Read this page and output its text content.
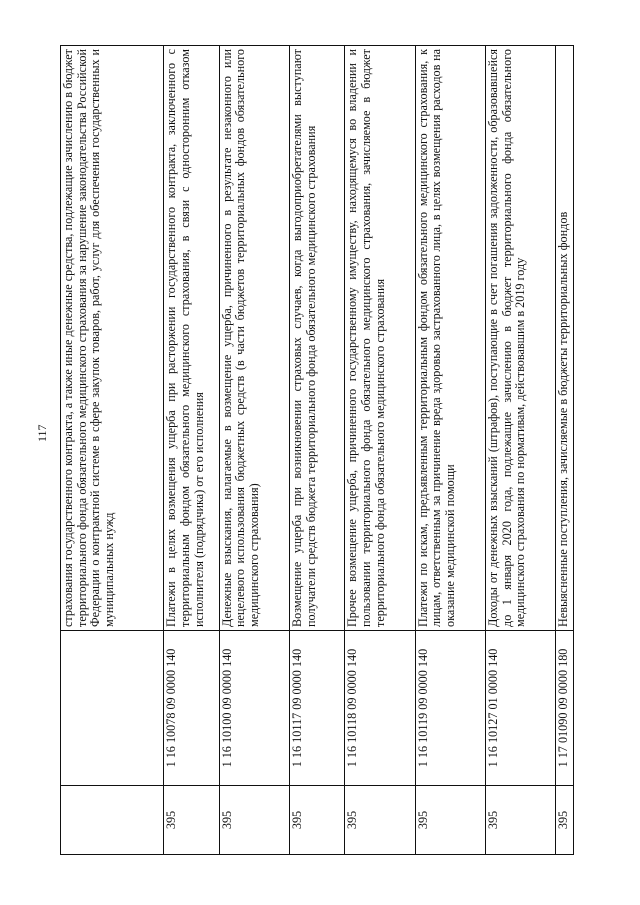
117
		страхования государственного контракта, а также иные денежные средства, подлежащие зачислению в бюджет территориального фонда обязательного медицинского страхования за нарушение законодательства Российской Федерации о контрактной системе в сфере закупок товаров, работ, услуг для обеспечения государственных и муниципальных нужд
395	1 16 10078 09 0000 140	Платежи в целях возмещения ущерба при расторжении государственного контракта, заключенного с территориальным фондом обязательного медицинского страхования, в связи с односторонним отказом исполнителя (подрядчика) от его исполнения
395	1 16 10100 09 0000 140	Денежные взыскания, налагаемые в возмещение ущерба, причиненного в результате незаконного или нецелевого использования бюджетных средств (в части бюджетов территориальных фондов обязательного медицинского страхования)
395	1 16 10117 09 0000 140	Возмещение ущерба при возникновении страховых случаев, когда выгодоприобретателями выступают получатели средств бюджета территориального фонда обязательного медицинского страхования
395	1 16 10118 09 0000 140	Прочее возмещение ущерба, причиненного государственному имуществу, находящемуся во владении и пользовании территориального фонда обязательного медицинского страхования, зачисляемое в бюджет территориального фонда обязательного медицинского страхования
395	1 16 10119 09 0000 140	Платежи по искам, предъявленным территориальным фондом обязательного медицинского страхования, к лицам, ответственным за причинение вреда здоровью застрахованного лица, в целях возмещения расходов на оказание медицинской помощи
395	1 16 10127 01 0000 140	Доходы от денежных взысканий (штрафов), поступающие в счет погашения задолженности, образовавшейся до 1 января 2020 года, подлежащие зачислению в бюджет территориального фонда обязательного медицинского страхования по нормативам, действовавшим в 2019 году
395	1 17 01090 09 0000 180	Невыясненные поступления, зачисляемые в бюджеты территориальных фондов
